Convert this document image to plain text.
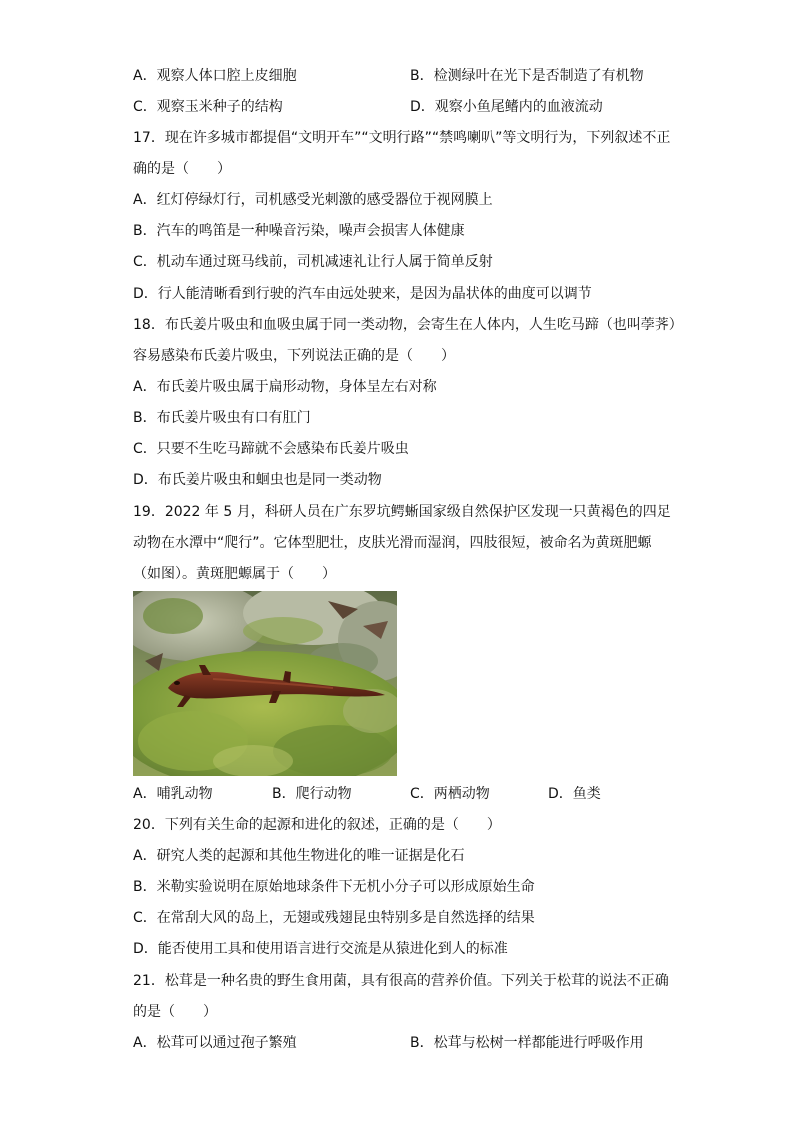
A．观察人体口腔上皮细胞	B．检测绿叶在光下是否制造了有机物
C．观察玉米种子的结构	D．观察小鱼尾鳍内的血液流动
17．现在许多城市都提倡“文明开车”“文明行路”“禁鸣喇叭”等文明行为，下列叙述不正
确的是（　　）
A．红灯停绿灯行，司机感受光刺激的感受器位于视网膜上
B．汽车的鸣笛是一种噪音污染，噪声会损害人体健康
C．机动车通过斑马线前，司机减速礼让行人属于简单反射
D．行人能清晰看到行驶的汽车由远处驶来，是因为晶状体的曲度可以调节
18．布氏姜片吸虫和血吸虫属于同一类动物，会寄生在人体内，人生吃马蹄（也叫荸荠）
容易感染布氏姜片吸虫，下列说法正确的是（　　）
A．布氏姜片吸虫属于扁形动物，身体呈左右对称
B．布氏姜片吸虫有口有肛门
C．只要不生吃马蹄就不会感染布氏姜片吸虫
D．布氏姜片吸虫和蛔虫也是同一类动物
19．2022 年 5 月，科研人员在广东罗坑鳄蜥国家级自然保护区发现一只黄褐色的四足
动物在水潭中“爬行”。它体型肥壮，皮肤光滑而湿润，四肢很短，被命名为黄斑肥螈
（如图）。黄斑肥螈属于（　　）
A．哺乳动物	B．爬行动物	C．两栖动物	D．鱼类
20．下列有关生命的起源和进化的叙述，正确的是（　　）
A．研究人类的起源和其他生物进化的唯一证据是化石
B．米勒实验说明在原始地球条件下无机小分子可以形成原始生命
C．在常刮大风的岛上，无翅或残翅昆虫特别多是自然选择的结果
D．能否使用工具和使用语言进行交流是从猿进化到人的标准
21．松茸是一种名贵的野生食用菌，具有很高的营养价值。下列关于松茸的说法不正确
的是（　　）
A．松茸可以通过孢子繁殖	B．松茸与松树一样都能进行呼吸作用
